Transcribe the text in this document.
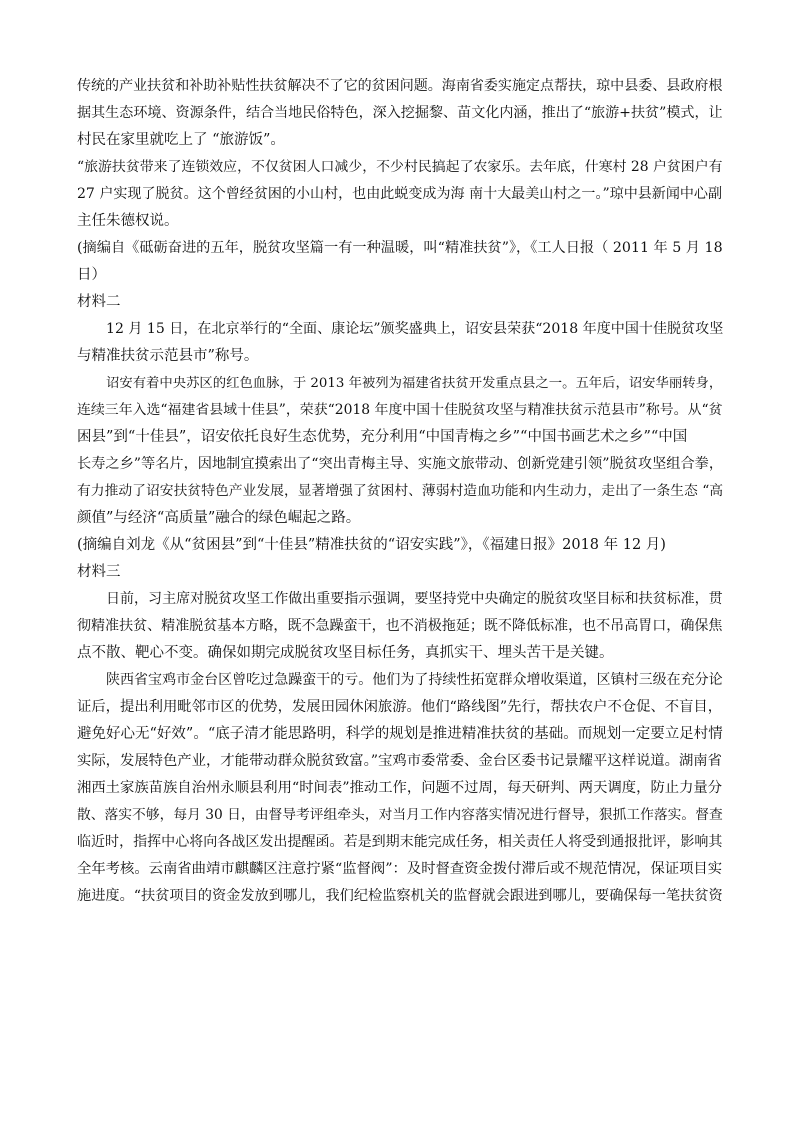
传统的产业扶贫和补助补贴性扶贫解决不了它的贫困问题。海南省委实施定点帮扶，琼中县委、县政府根
据其生态环境、资源条件，结合当地民俗特色，深入挖掘黎、苗文化内涵，推出了“旅游+扶贫”模式，让
村民在家里就吃上了 “旅游饭”。
“旅游扶贫带来了连锁效应，不仅贫困人口减少，不少村民搞起了农家乐。去年底，什寒村 28 户贫困户有
27 户实现了脱贫。这个曾经贫困的小山村，也由此蜕变成为海 南十大最美山村之一。”琼中县新闻中心副
主任朱德权说。
(摘编自《砥砺奋进的五年，脱贫攻坚篇一有一种温暖，叫“精准扶贫”》，《工人日报（ 2011 年 5 月 18
日）
材料二
12 月 15 日，在北京举行的“全面、康论坛”颁奖盛典上，诏安县荣获“2018 年度中国十佳脱贫攻坚
与精准扶贫示范县市”称号。
诏安有着中央苏区的红色血脉，于 2013 年被列为福建省扶贫开发重点县之一。五年后，诏安华丽转身，
连续三年入选“福建省县域十佳县”，荣获“2018 年度中国十佳脱贫攻坚与精准扶贫示范县市”称号。从“贫
困县”到“十佳县”，诏安依托良好生态优势，充分利用“中国青梅之乡”“中国书画艺术之乡”“中国
长寿之乡”等名片，因地制宜摸索出了“突出青梅主导、实施文旅带动、创新党建引领”脱贫攻坚组合拳，
有力推动了诏安扶贫特色产业发展，显著增强了贫困村、薄弱村造血功能和内生动力，走出了一条生态 “高
颜值”与经济“高质量”融合的绿色崛起之路。
(摘编自刘龙《从“贫困县”到“十佳县”精准扶贫的“诏安实践”》，《福建日报》2018 年 12 月)
材料三
日前，习主席对脱贫攻坚工作做出重要指示强调，要坚持党中央确定的脱贫攻坚目标和扶贫标准，贯
彻精准扶贫、精准脱贫基本方略，既不急躁蛮干，也不消极拖延；既不降低标准，也不吊高胃口，确保焦
点不散、靶心不变。确保如期完成脱贫攻坚目标任务，真抓实干、埋头苦干是关键。
陕西省宝鸡市金台区曾吃过急躁蛮干的亏。他们为了持续性拓宽群众增收渠道，区镇村三级在充分论
证后，提出利用毗邻市区的优势，发展田园休闲旅游。他们“路线图”先行，帮扶农户不仓促、不盲目，
避免好心无“好效”。“底子清才能思路明，科学的规划是推进精准扶贫的基础。而规划一定要立足村情
实际，发展特色产业，才能带动群众脱贫致富。”宝鸡市委常委、金台区委书记景耀平这样说道。湖南省
湘西土家族苗族自治州永顺县利用“时间表”推动工作，问题不过周，每天研判、两天调度，防止力量分
散、落实不够，每月 30 日，由督导考评组牵头，对当月工作内容落实情况进行督导，狠抓工作落实。督查
临近时，指挥中心将向各战区发出提醒函。若是到期末能完成任务，相关责任人将受到通报批评，影响其
全年考核。云南省曲靖市麒麟区注意拧紧“监督阀”：及时督查资金拨付滞后或不规范情况，保证项目实
施进度。“扶贫项目的资金发放到哪儿，我们纪检监察机关的监督就会跟进到哪儿，要确保每一笔扶贫资
